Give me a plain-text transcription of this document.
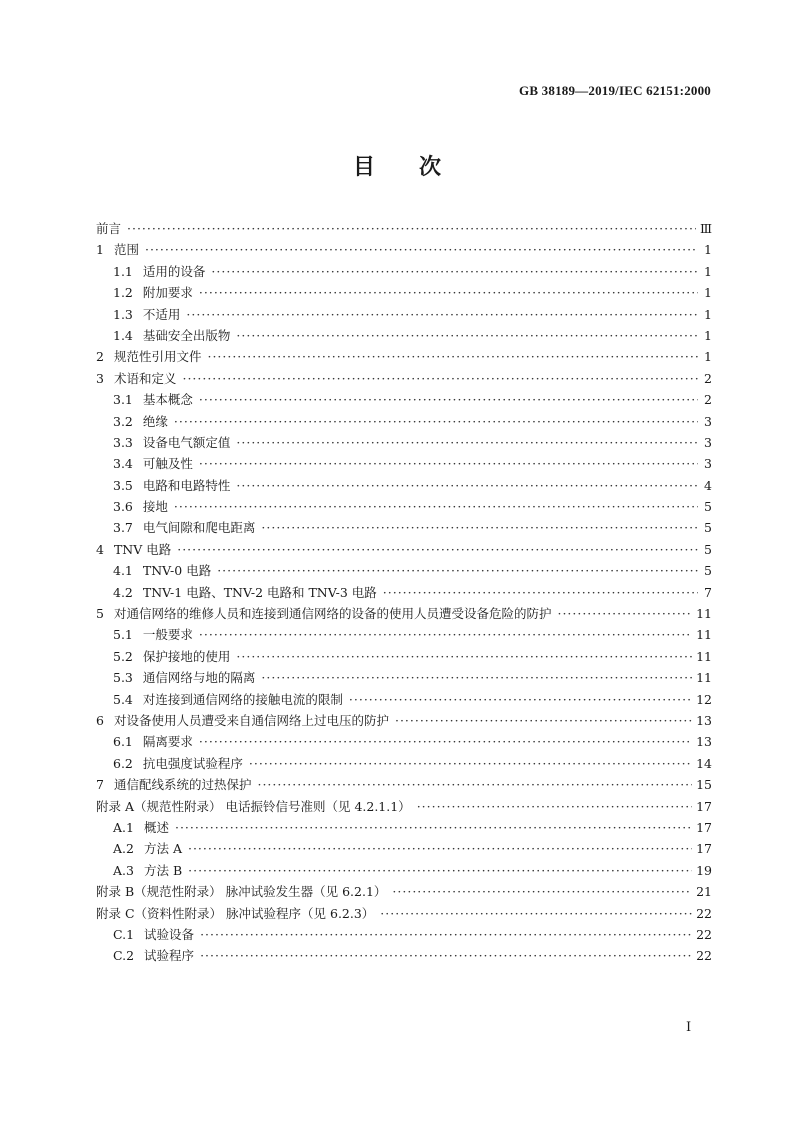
GB 38189—2019/IEC 62151:2000
目 次
前言 ·····	Ⅲ
1 范围 ·····	1
1.1 适用的设备 ·····	1
1.2 附加要求 ·····	1
1.3 不适用 ·····	1
1.4 基础安全出版物 ·····	1
2 规范性引用文件 ·····	1
3 术语和定义 ·····	2
3.1 基本概念 ·····	2
3.2 绝缘 ·····	3
3.3 设备电气额定值 ·····	3
3.4 可触及性 ·····	3
3.5 电路和电路特性 ·····	4
3.6 接地 ·····	5
3.7 电气间隙和爬电距离 ·····	5
4 TNV 电路 ·····	5
4.1 TNV-0 电路 ·····	5
4.2 TNV-1 电路、TNV-2 电路和 TNV-3 电路 ·····	7
5 对通信网络的维修人员和连接到通信网络的设备的使用人员遭受设备危险的防护 ·····	11
5.1 一般要求 ·····	11
5.2 保护接地的使用 ·····	11
5.3 通信网络与地的隔离 ·····	11
5.4 对连接到通信网络的接触电流的限制 ·····	12
6 对设备使用人员遭受来自通信网络上过电压的防护 ·····	13
6.1 隔离要求 ·····	13
6.2 抗电强度试验程序 ·····	14
7 通信配线系统的过热保护 ·····	15
附录 A（规范性附录） 电话振铃信号准则（见 4.2.1.1） ·····	17
A.1 概述 ·····	17
A.2 方法 A ·····	17
A.3 方法 B ·····	19
附录 B（规范性附录） 脉冲试验发生器（见 6.2.1） ·····	21
附录 C（资料性附录） 脉冲试验程序（见 6.2.3） ·····	22
C.1 试验设备 ·····	22
C.2 试验程序 ·····	22
Ⅰ
